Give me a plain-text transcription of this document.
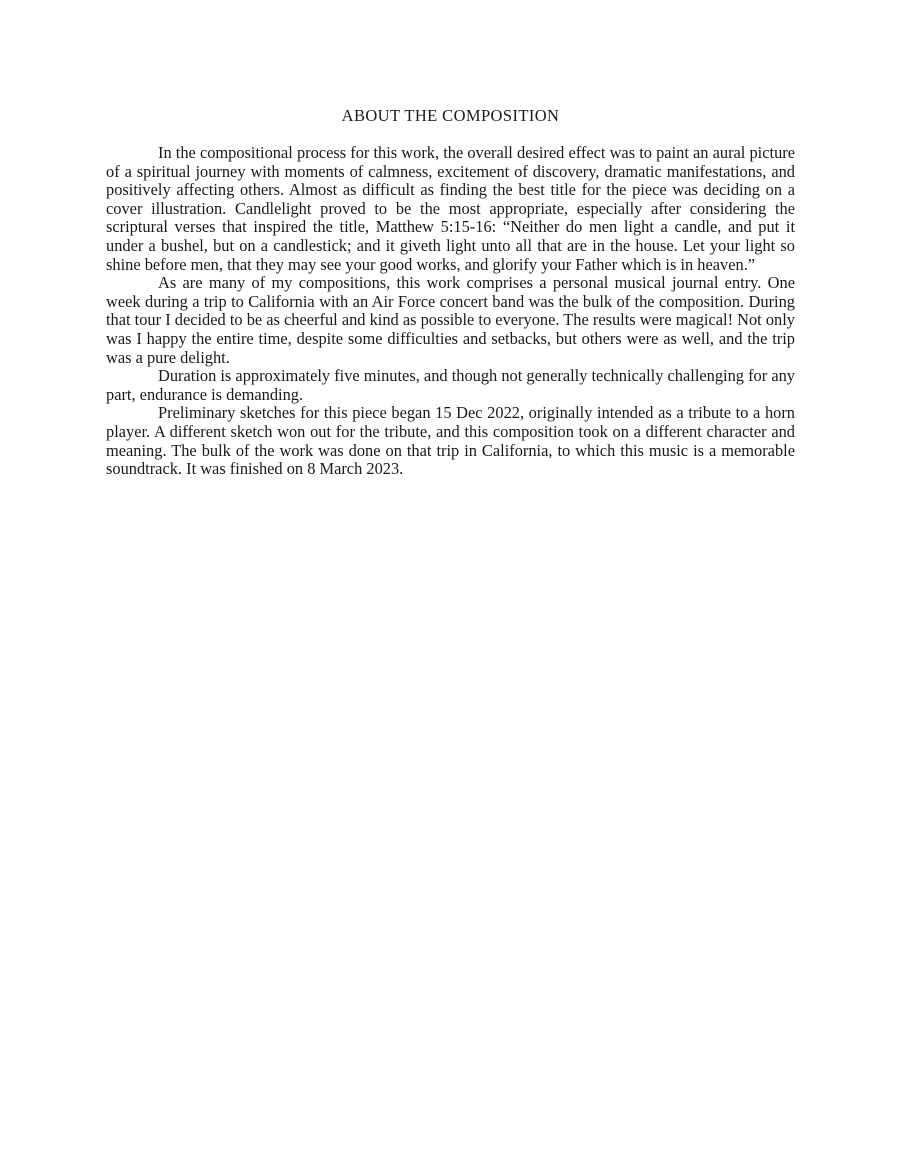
ABOUT THE COMPOSITION

In the compositional process for this work, the overall desired effect was to paint an aural picture of a spiritual journey with moments of calmness, excitement of discovery, dramatic manifestations, and positively affecting others. Almost as difficult as finding the best title for the piece was deciding on a cover illustration. Candlelight proved to be the most appropriate, especially after considering the scriptural verses that inspired the title, Matthew 5:15-16: “Neither do men light a candle, and put it under a bushel, but on a candlestick; and it giveth light unto all that are in the house. Let your light so shine before men, that they may see your good works, and glorify your Father which is in heaven.”

As are many of my compositions, this work comprises a personal musical journal entry. One week during a trip to California with an Air Force concert band was the bulk of the composition. During that tour I decided to be as cheerful and kind as possible to everyone. The results were magical! Not only was I happy the entire time, despite some difficulties and setbacks, but others were as well, and the trip was a pure delight.

Duration is approximately five minutes, and though not generally technically challenging for any part, endurance is demanding.

Preliminary sketches for this piece began 15 Dec 2022, originally intended as a tribute to a horn player. A different sketch won out for the tribute, and this composition took on a different character and meaning. The bulk of the work was done on that trip in California, to which this music is a memorable soundtrack. It was finished on 8 March 2023.
